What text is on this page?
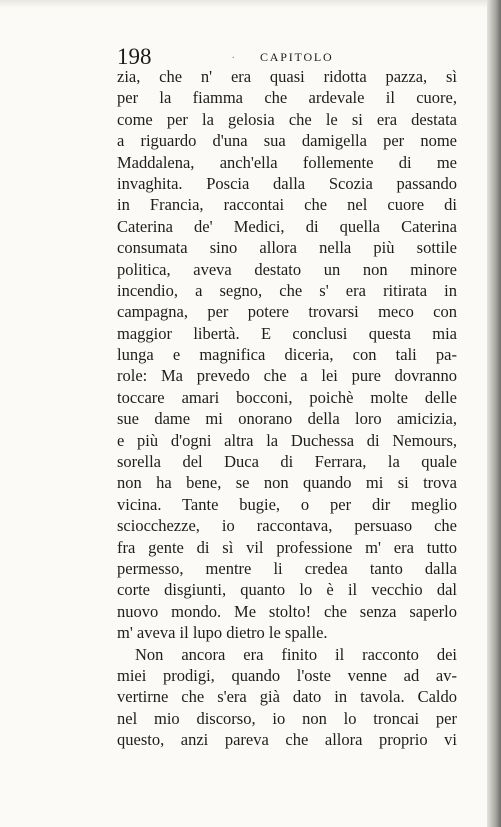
198	. CAPITOLO
zia, che n' era quasi ridotta pazza, sì
per la fiamma che ardevale il cuore,
come per la gelosia che le si era destata
a riguardo d'una sua damigella per nome
Maddalena, anch'ella follemente di me
invaghita. Poscia dalla Scozia passando
in Francia, raccontai che nel cuore di
Caterina de' Medici, di quella Caterina
consumata sino allora nella più sottile
politica, aveva destato un non minore
incendio, a segno, che s' era ritirata in
campagna, per potere trovarsi meco con
maggior libertà. E conclusi questa mia
lunga e magnifica diceria, con tali pa-
role: Ma prevedo che a lei pure dovranno
toccare amari bocconi, poichè molte delle
sue dame mi onorano della loro amicizia,
e più d'ogni altra la Duchessa di Nemours,
sorella del Duca di Ferrara, la quale
non ha bene, se non quando mi si trova
vicina. Tante bugie, o per dir meglio
sciocchezze, io raccontava, persuaso che
fra gente di sì vil professione m' era tutto
permesso, mentre li credea tanto dalla
corte disgiunti, quanto lo è il vecchio dal
nuovo mondo. Me stolto! che senza saperlo
m' aveva il lupo dietro le spalle.
Non ancora era finito il racconto dei
miei prodigi, quando l'oste venne ad av-
vertirne che s'era già dato in tavola. Caldo
nel mio discorso, io non lo troncai per
questo, anzi pareva che allora proprio vi
